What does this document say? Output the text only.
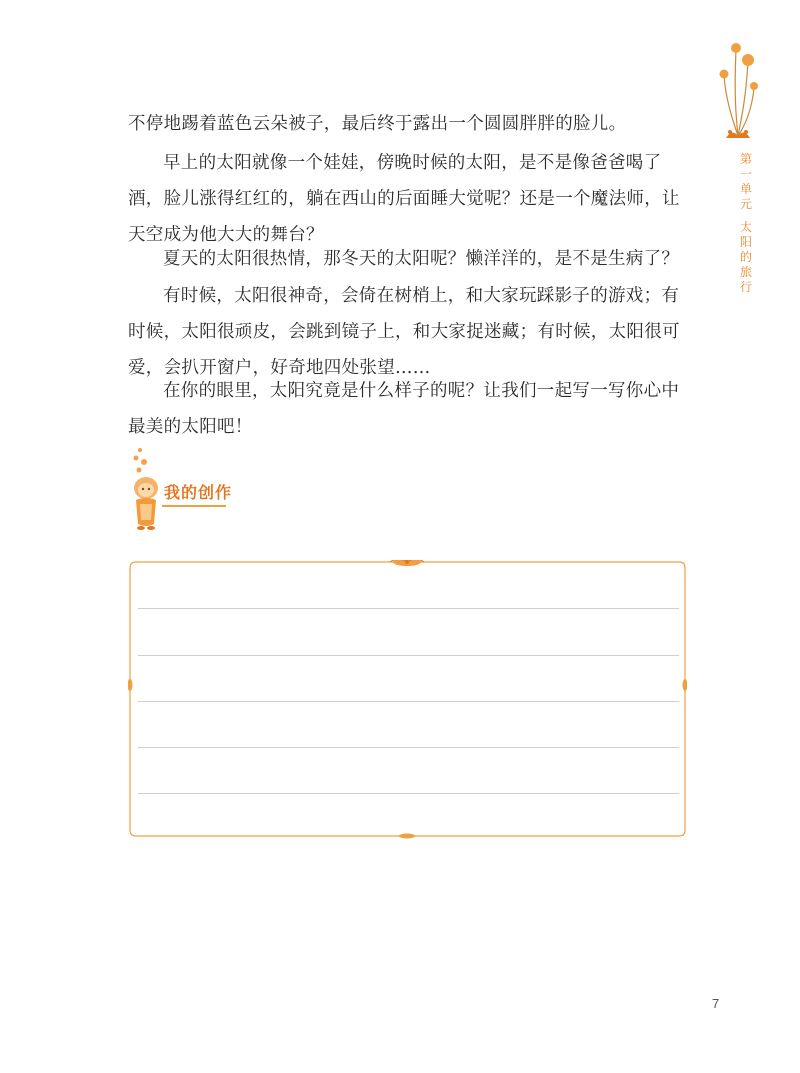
第一单元
太阳的旅行

不停地踢着蓝色云朵被子，最后终于露出一个圆圆胖胖的脸儿。

早上的太阳就像一个娃娃，傍晚时候的太阳，是不是像爸爸喝了酒，脸儿涨得红红的，躺在西山的后面睡大觉呢？还是一个魔法师，让天空成为他大大的舞台？

夏天的太阳很热情，那冬天的太阳呢？懒洋洋的，是不是生病了？

有时候，太阳很神奇，会倚在树梢上，和大家玩踩影子的游戏；有时候，太阳很顽皮，会跳到镜子上，和大家捉迷藏；有时候，太阳很可爱，会扒开窗户，好奇地四处张望……

在你的眼里，太阳究竟是什么样子的呢？让我们一起写一写你心中最美的太阳吧！

我的创作
7
